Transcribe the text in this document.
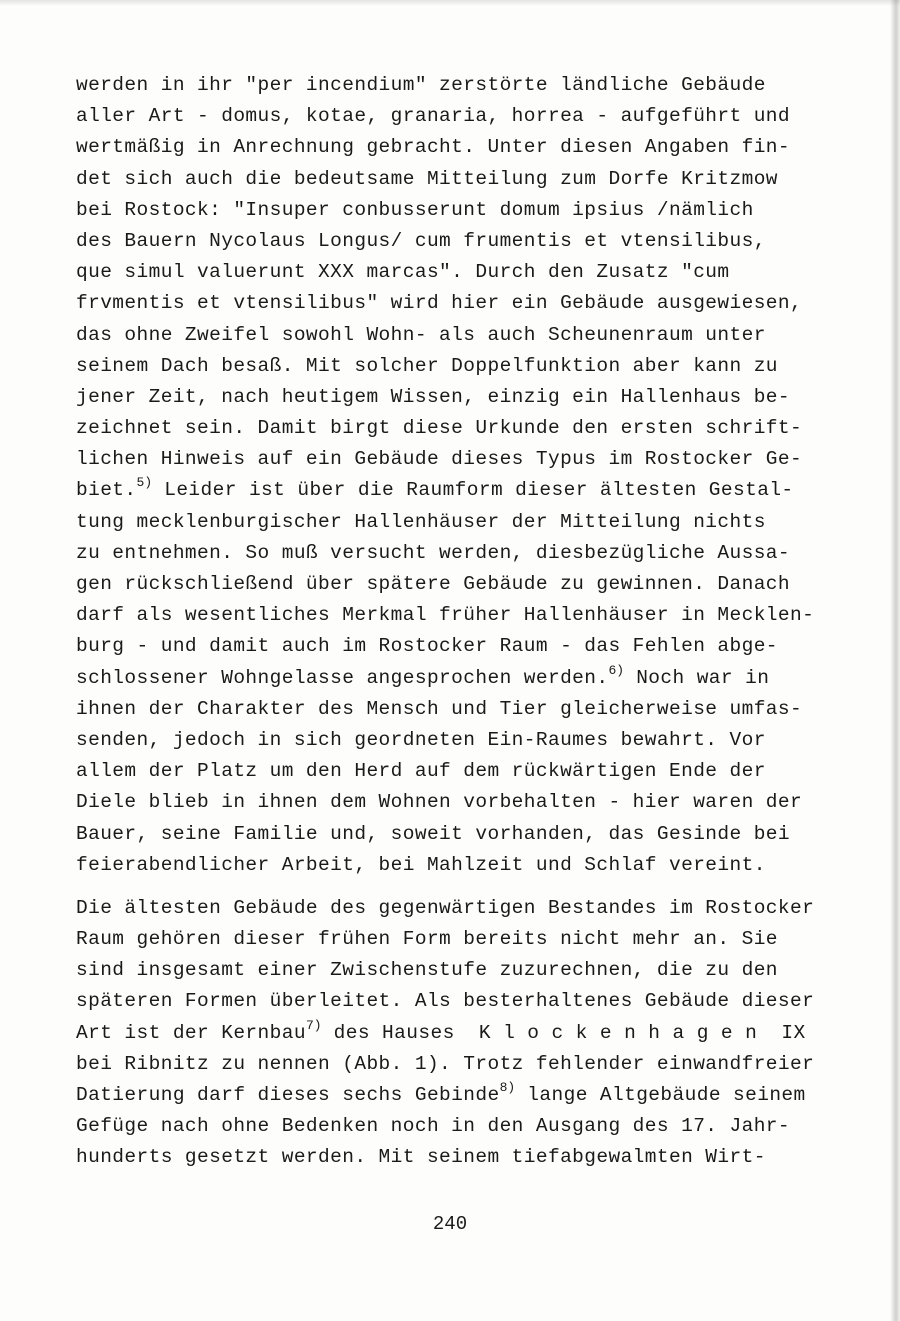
werden in ihr "per incendium" zerstörte ländliche Gebäude
aller Art - domus, kotae, granaria, horrea - aufgeführt und
wertmäßig in Anrechnung gebracht. Unter diesen Angaben fin-
det sich auch die bedeutsame Mitteilung zum Dorfe Kritzmow
bei Rostock: "Insuper conbusserunt domum ipsius /nämlich
des Bauern Nycolaus Longus/ cum frumentis et vtensilibus,
que simul valuerunt XXX marcas". Durch den Zusatz "cum
frvmentis et vtensilibus" wird hier ein Gebäude ausgewiesen,
das ohne Zweifel sowohl Wohn- als auch Scheunenraum unter
seinem Dach besaß. Mit solcher Doppelfunktion aber kann zu
jener Zeit, nach heutigem Wissen, einzig ein Hallenhaus be-
zeichnet sein. Damit birgt diese Urkunde den ersten schrift-
lichen Hinweis auf ein Gebäude dieses Typus im Rostocker Ge-
biet.$^{5)}$ Leider ist über die Raumform dieser ältesten Gestal-
tung mecklenburgischer Hallenhäuser der Mitteilung nichts
zu entnehmen. So muß versucht werden, diesbezügliche Aussa-
gen rückschließend über spätere Gebäude zu gewinnen. Danach
darf als wesentliches Merkmal früher Hallenhäuser in Mecklen-
burg - und damit auch im Rostocker Raum - das Fehlen abge-
schlossener Wohngelasse angesprochen werden.$^{6)}$ Noch war in
ihnen der Charakter des Mensch und Tier gleicherweise umfas-
senden, jedoch in sich geordneten Ein-Raumes bewahrt. Vor
allem der Platz um den Herd auf dem rückwärtigen Ende der
Diele blieb in ihnen dem Wohnen vorbehalten - hier waren der
Bauer, seine Familie und, soweit vorhanden, das Gesinde bei
feierabendlicher Arbeit, bei Mahlzeit und Schlaf vereint.
Die ältesten Gebäude des gegenwärtigen Bestandes im Rostocker
Raum gehören dieser frühen Form bereits nicht mehr an. Sie
sind insgesamt einer Zwischenstufe zuzurechnen, die zu den
späteren Formen überleitet. Als besterhaltenes Gebäude dieser
Art ist der Kernbau$^{7)}$ des Hauses  K l o c k e n h a g e n  IX
bei Ribnitz zu nennen (Abb. 1). Trotz fehlender einwandfreier
Datierung darf dieses sechs Gebinde$^{8)}$ lange Altgebäude seinem
Gefüge nach ohne Bedenken noch in den Ausgang des 17. Jahr-
hunderts gesetzt werden. Mit seinem tiefabgewalmten Wirt-
240
